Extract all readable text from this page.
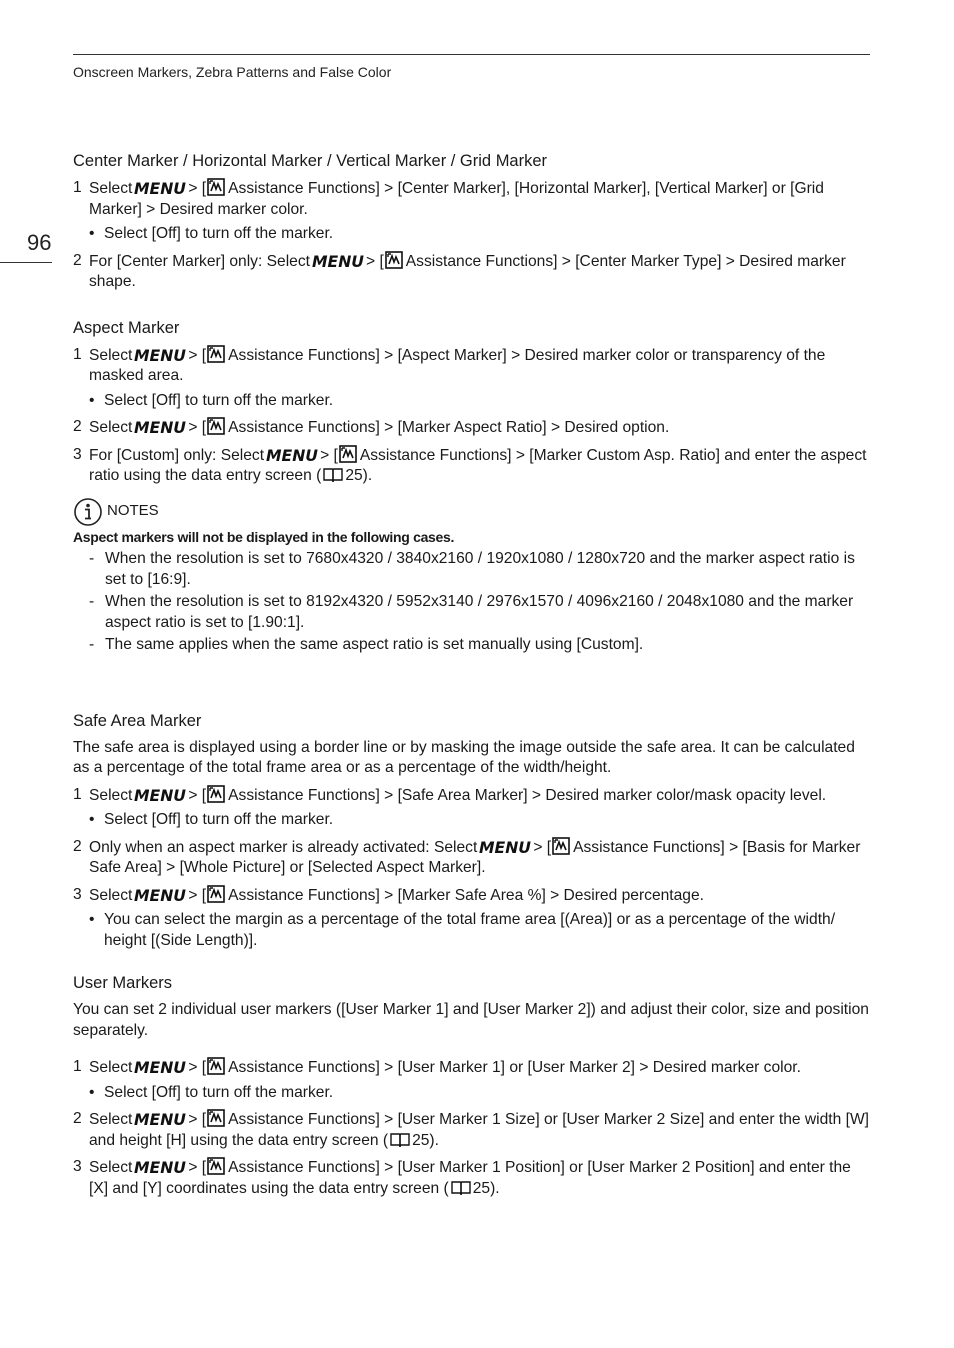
Onscreen Markers, Zebra Patterns and False Color
96
Center Marker / Horizontal Marker / Vertical Marker / Grid Marker
1 Select	> [ Assistance Functions] > [Center Marker], [Horizontal Marker], [Vertical Marker] or [Grid Marker] > Desired marker color.

• Select [Off] to turn off the marker.

2 For [Center Marker] only: Select	> [ Assistance Functions] > [Center Marker Type] > Desired marker shape.

Aspect Marker
1 Select	> [ Assistance Functions] > [Aspect Marker] > Desired marker color or transparency of the masked area.

• Select [Off] to turn off the marker.

2 Select	> [ Assistance Functions] > [Marker Aspect Ratio] > Desired option.

3 For [Custom] only: Select	> [ Assistance Functions] > [Marker Custom Asp. Ratio] and enter the aspect ratio using the data entry screen ( 25).

NOTES

Aspect markers will not be displayed in the following cases.

- When the resolution is set to 7680x4320 / 3840x2160 / 1920x1080 / 1280x720 and the marker aspect ratio is set to [16:9].

- When the resolution is set to 8192x4320 / 5952x3140 / 2976x1570 / 4096x2160 / 2048x1080 and the marker aspect ratio is set to [1.90:1].

- The same applies when the same aspect ratio is set manually using [Custom].

Safe Area Marker

The safe area is displayed using a border line or by masking the image outside the safe area. It can be calculated as a percentage of the total frame area or as a percentage of the width/height.

1 Select	> [ Assistance Functions] > [Safe Area Marker] > Desired marker color/mask opacity level.

• Select [Off] to turn off the marker.

2 Only when an aspect marker is already activated: Select	> [ Assistance Functions] > [Basis for Marker Safe Area] > [Whole Picture] or [Selected Aspect Marker].

3 Select	> [ Assistance Functions] > [Marker Safe Area %] > Desired percentage.

• You can select the margin as a percentage of the total frame area [(Area)] or as a percentage of the width/ height [(Side Length)].

User Markers

You can set 2 individual user markers ([User Marker 1] and [User Marker 2]) and adjust their color, size and position separately.

1 Select	> [ Assistance Functions] > [User Marker 1] or [User Marker 2] > Desired marker color.

• Select [Off] to turn off the marker.

2 Select	> [ Assistance Functions] > [User Marker 1 Size] or [User Marker 2 Size] and enter the width [W] and height [H] using the data entry screen ( 25).

3 Select	> [ Assistance Functions] > [User Marker 1 Position] or [User Marker 2 Position] and enter the [X] and [Y] coordinates using the data entry screen ( 25).
